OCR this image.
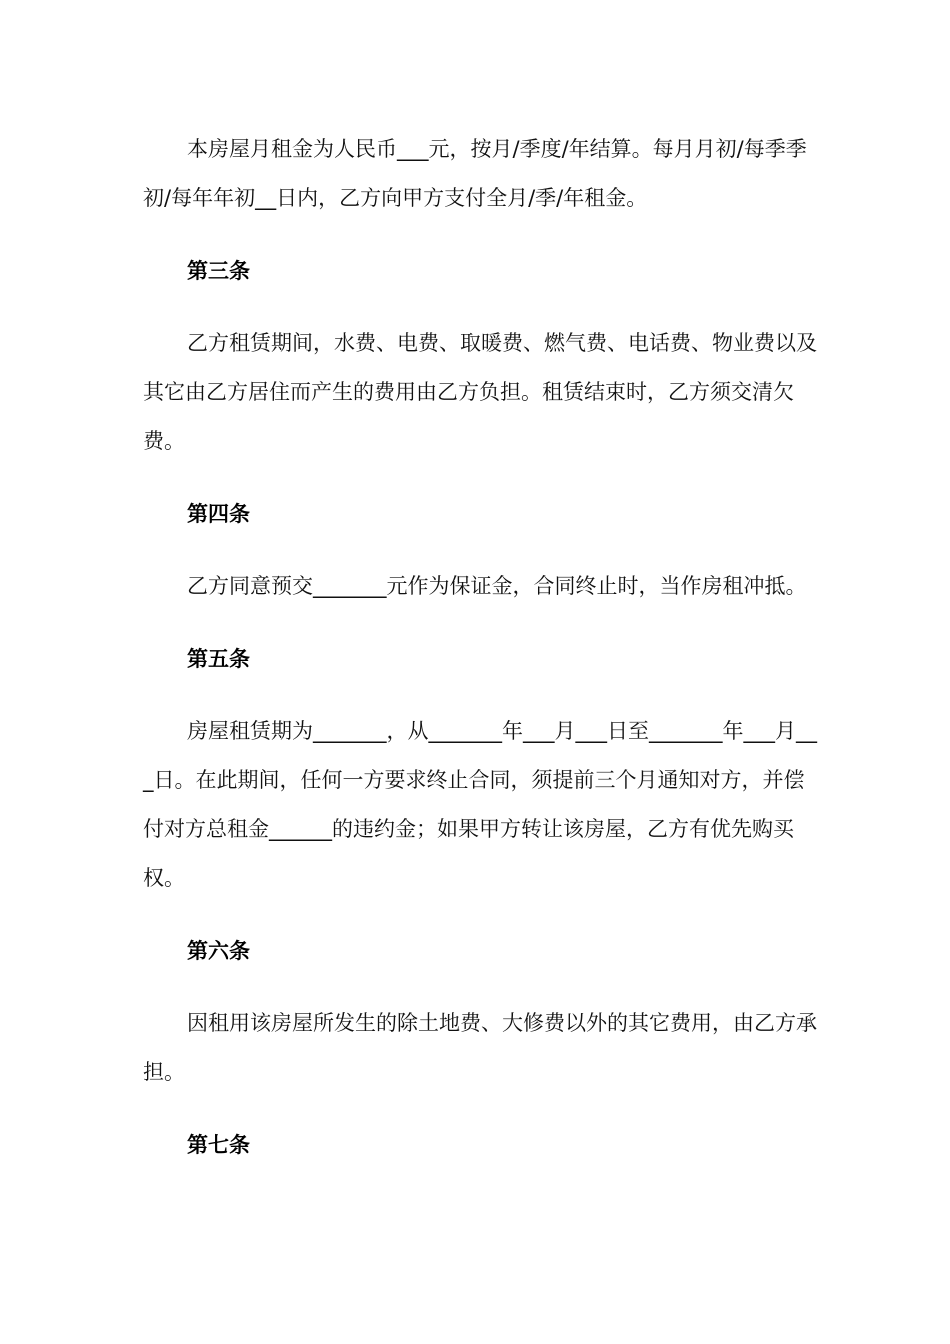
本房屋月租金为人民币___元，按月/季度/年结算。每月月初/每季季初/每年年初__日内，乙方向甲方支付全月/季/年租金。

第三条

乙方租赁期间，水费、电费、取暖费、燃气费、电话费、物业费以及其它由乙方居住而产生的费用由乙方负担。租赁结束时，乙方须交清欠费。

第四条

乙方同意预交_______元作为保证金，合同终止时，当作房租冲抵。

第五条

房屋租赁期为_______，从_______年___月___日至_______年___月___日。在此期间，任何一方要求终止合同，须提前三个月通知对方，并偿付对方总租金______的违约金；如果甲方转让该房屋，乙方有优先购买权。

第六条

因租用该房屋所发生的除土地费、大修费以外的其它费用，由乙方承担。

第七条
